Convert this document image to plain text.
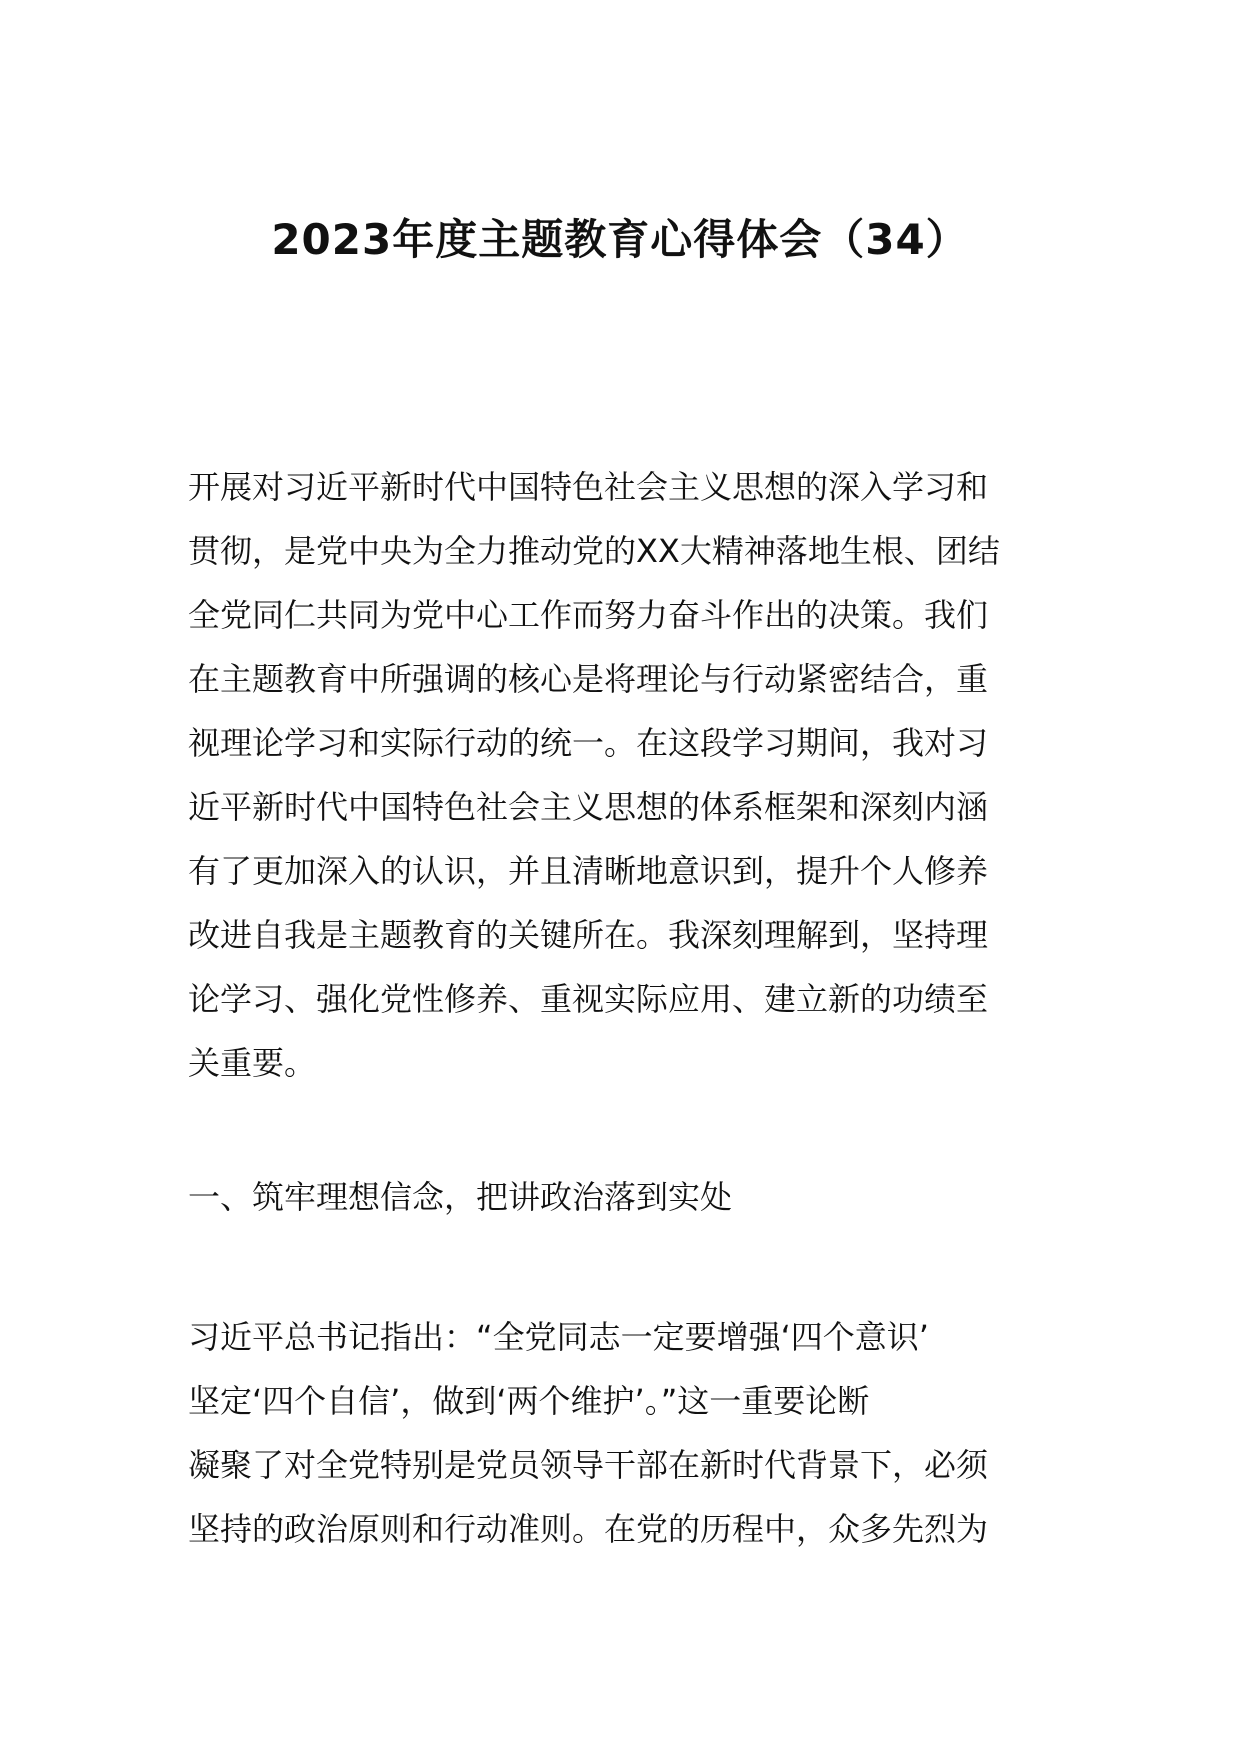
2023年度主题教育心得体会（34）
开展对习近平新时代中国特色社会主义思想的深入学习和
贯彻，是党中央为全力推动党的XX大精神落地生根、团结
全党同仁共同为党中心工作而努力奋斗作出的决策。我们
在主题教育中所强调的核心是将理论与行动紧密结合，重
视理论学习和实际行动的统一。在这段学习期间，我对习
近平新时代中国特色社会主义思想的体系框架和深刻内涵
有了更加深入的认识，并且清晰地意识到，提升个人修养
改进自我是主题教育的关键所在。我深刻理解到，坚持理
论学习、强化党性修养、重视实际应用、建立新的功绩至
关重要。
一、筑牢理想信念，把讲政治落到实处
习近平总书记指出：“全党同志一定要增强‘四个意识’
坚定‘四个自信’，做到‘两个维护’。”这一重要论断
凝聚了对全党特别是党员领导干部在新时代背景下，必须
坚持的政治原则和行动准则。在党的历程中，众多先烈为
